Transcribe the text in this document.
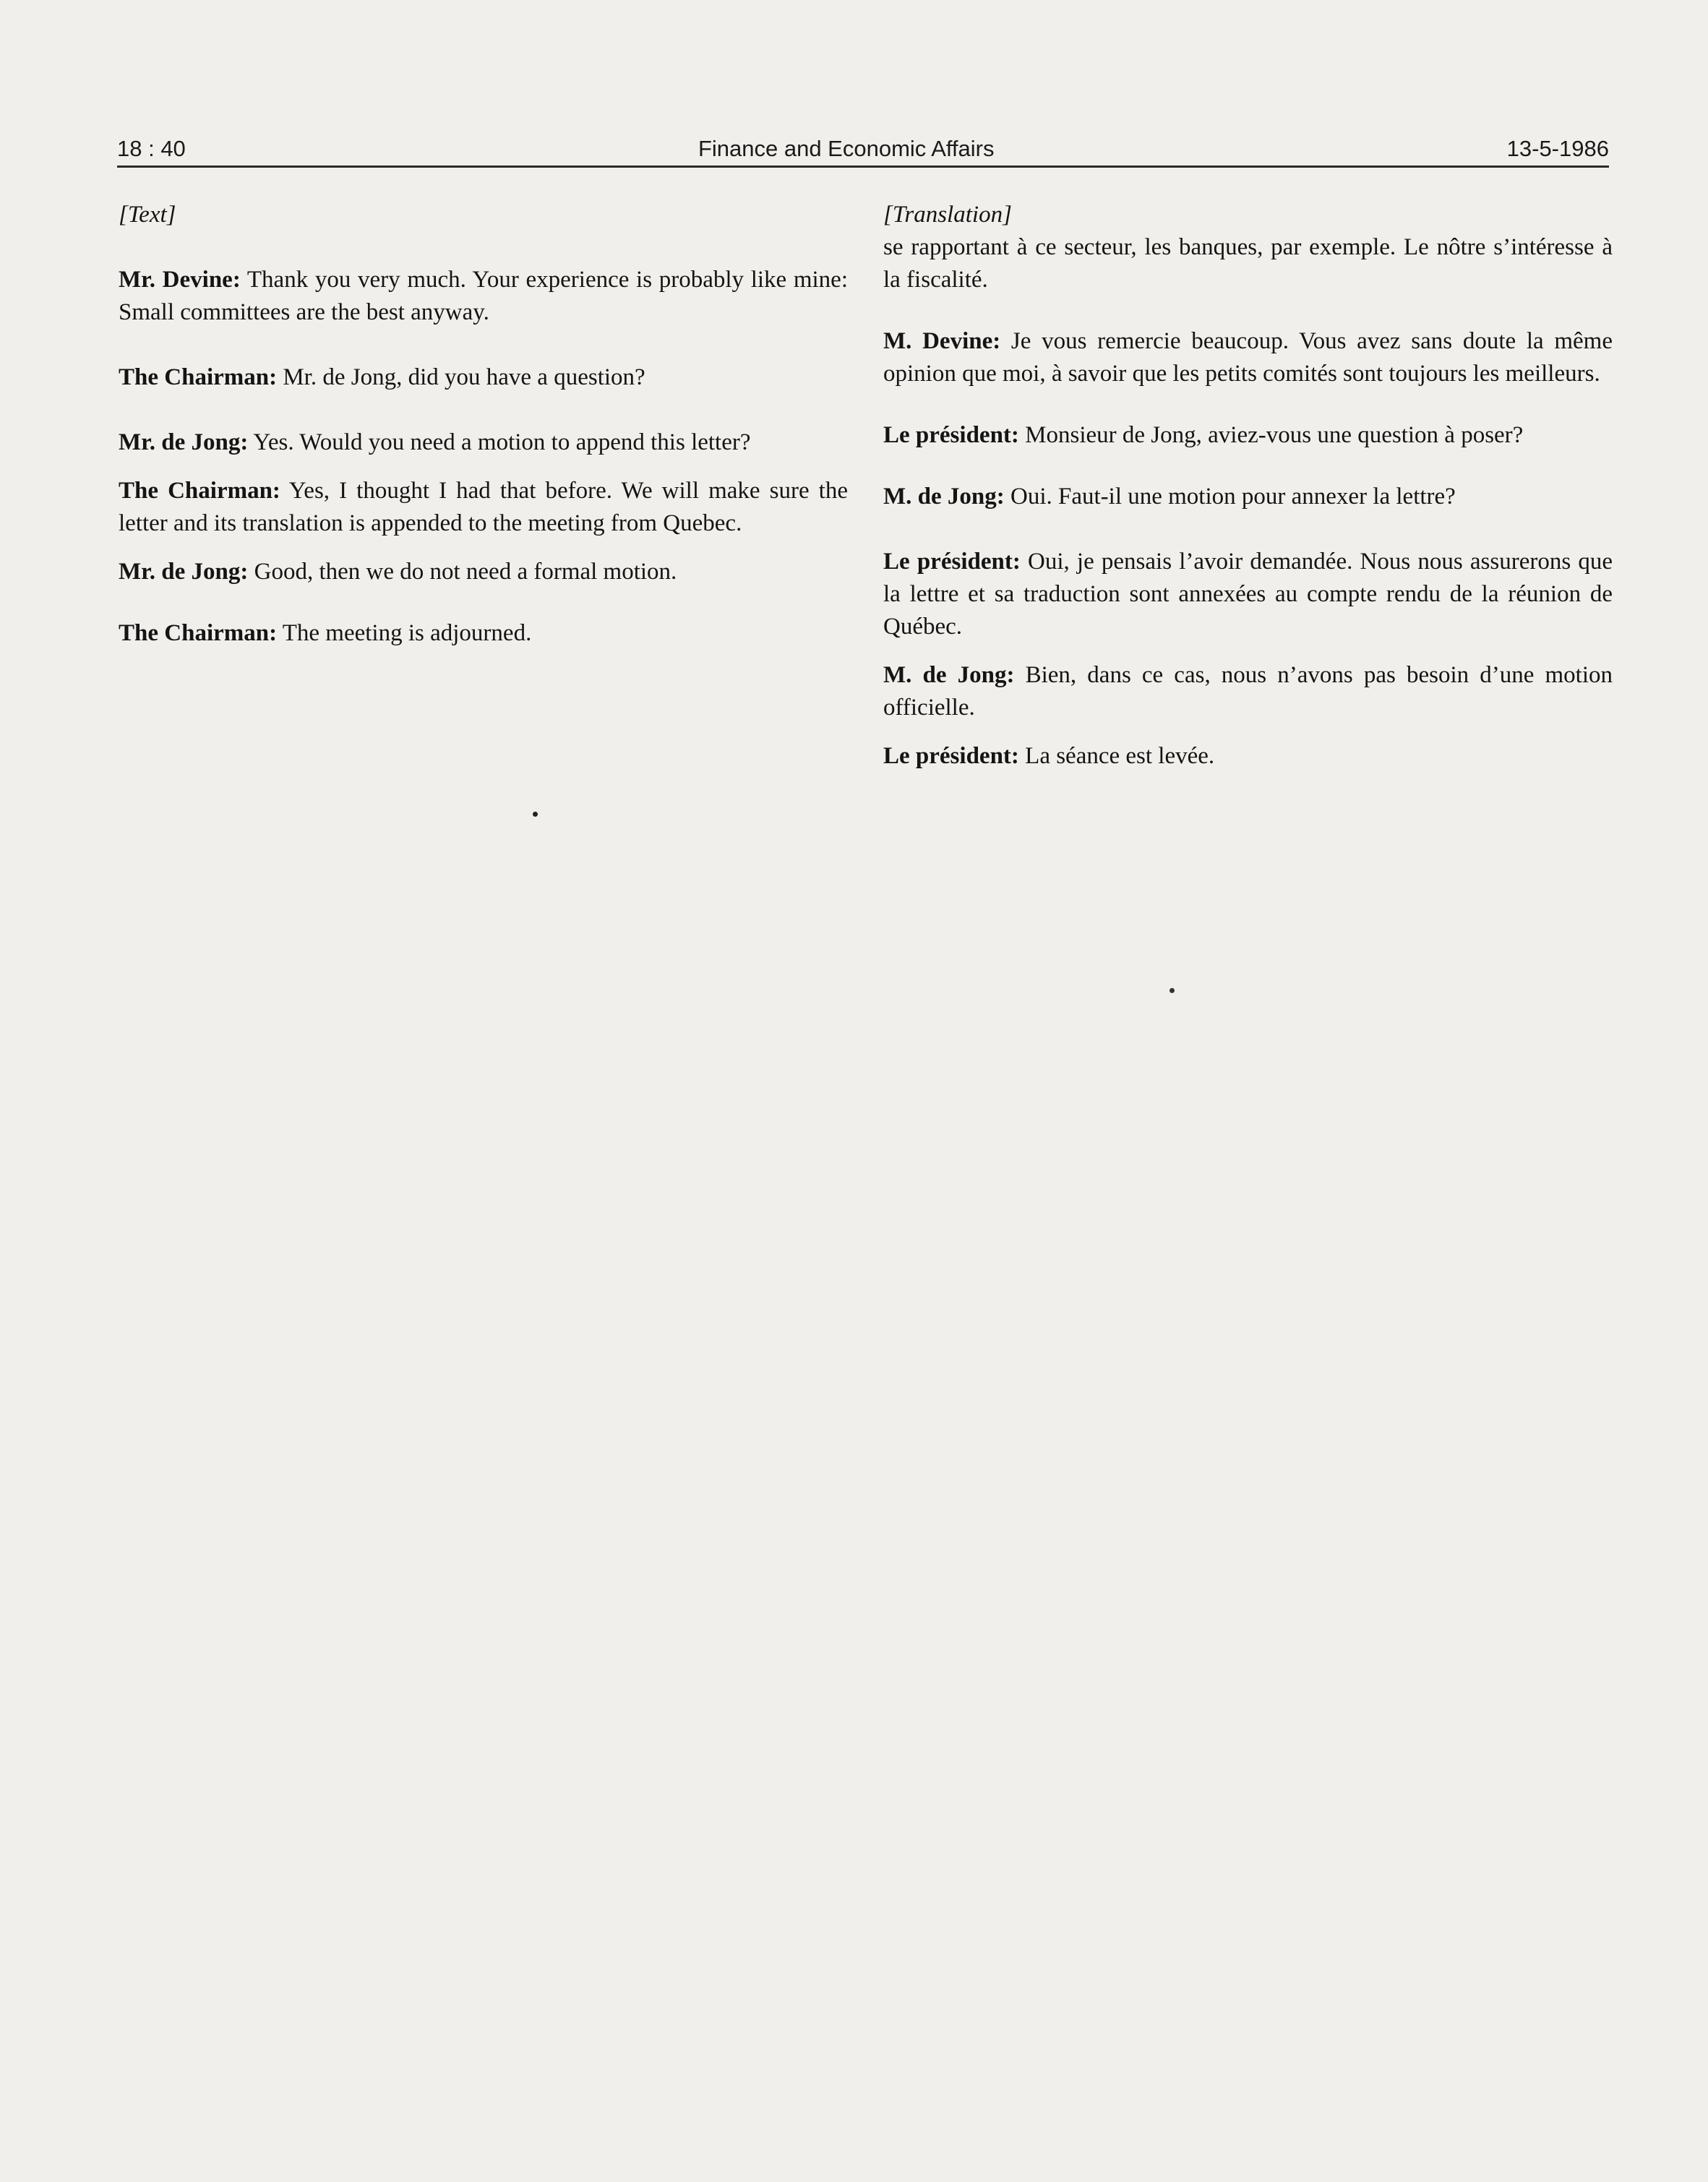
18 : 40	Finance and Economic Affairs	13-5-1986

[Text]

Mr. Devine: Thank you very much. Your experience is probably like mine: Small committees are the best anyway.

The Chairman: Mr. de Jong, did you have a question?

Mr. de Jong: Yes. Would you need a motion to append this letter?

The Chairman: Yes, I thought I had that before. We will make sure the letter and its translation is appended to the meeting from Quebec.

Mr. de Jong: Good, then we do not need a formal motion.

The Chairman: The meeting is adjourned.

[Translation]

se rapportant à ce secteur, les banques, par exemple. Le nôtre s’intéresse à la fiscalité.

M. Devine: Je vous remercie beaucoup. Vous avez sans doute la même opinion que moi, à savoir que les petits comités sont toujours les meilleurs.

Le président: Monsieur de Jong, aviez-vous une question à poser?

M. de Jong: Oui. Faut-il une motion pour annexer la lettre?

Le président: Oui, je pensais l’avoir demandée. Nous nous assurerons que la lettre et sa traduction sont annexées au compte rendu de la réunion de Québec.

M. de Jong: Bien, dans ce cas, nous n’avons pas besoin d’une motion officielle.

Le président: La séance est levée.
